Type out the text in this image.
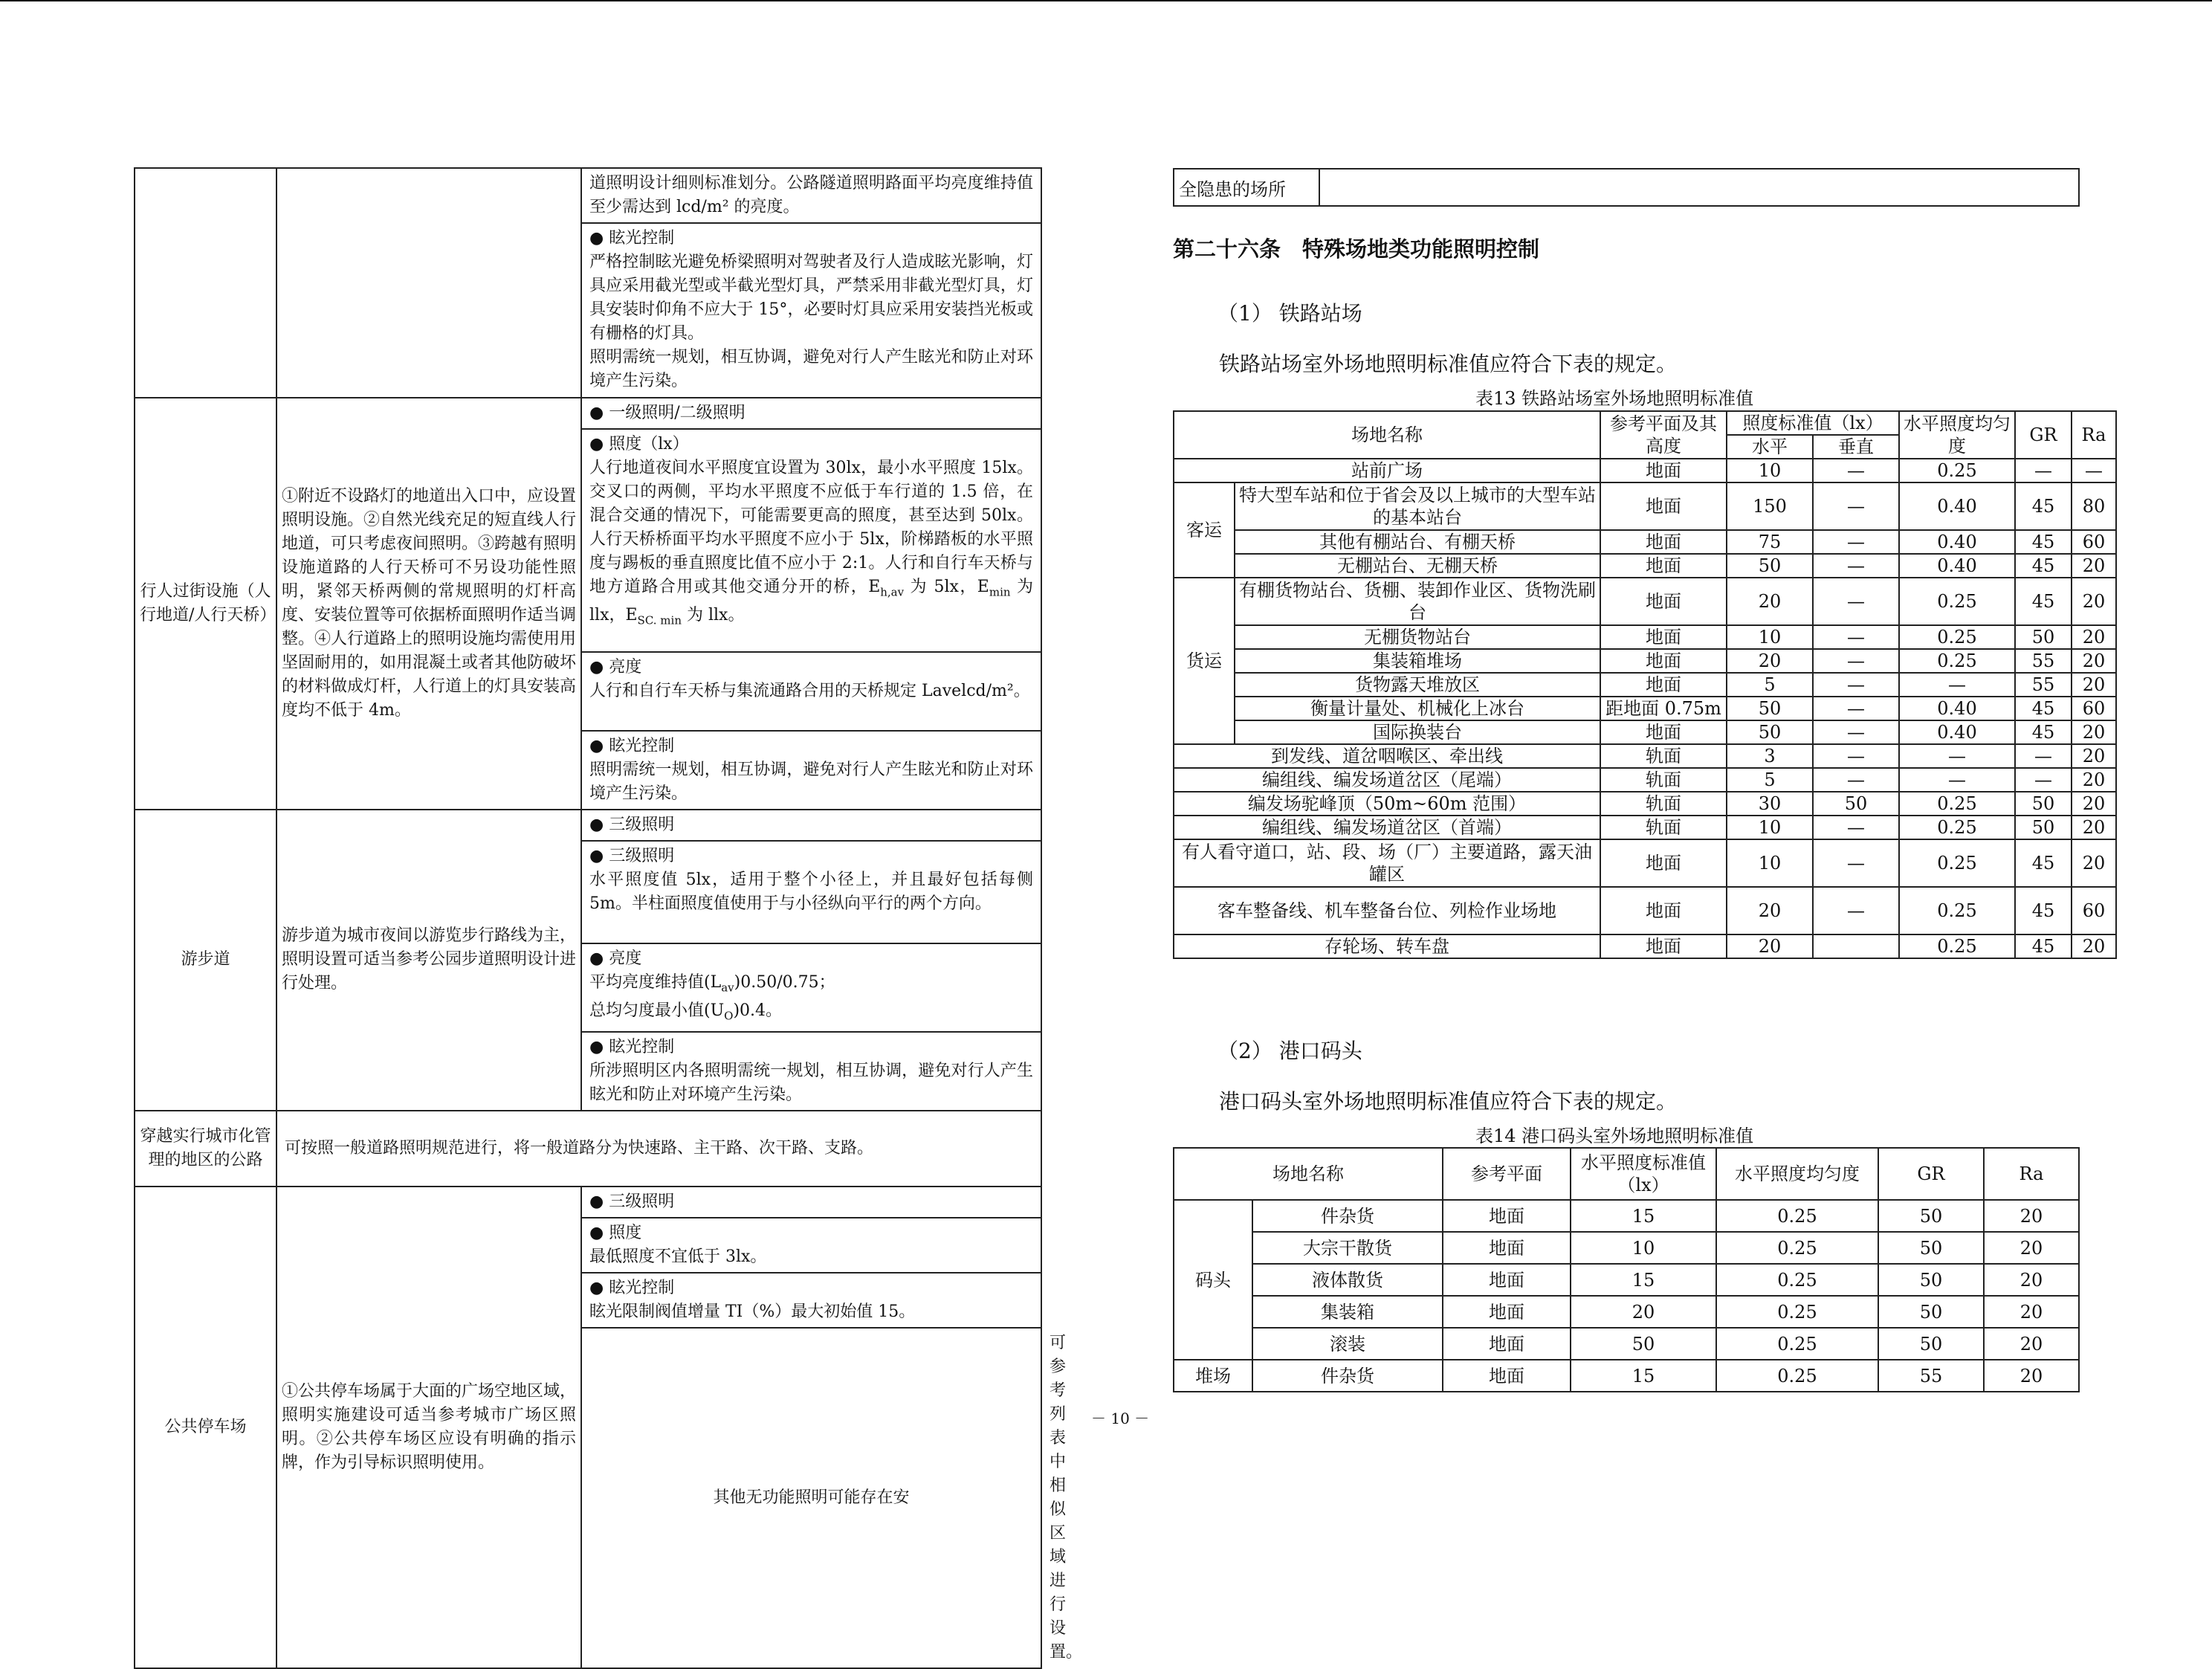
		道照明设计细则标准划分。公路隧道照明路面平均亮度维持值至少需达到 lcd/m² 的亮度。	

		● 眩光控制

严格控制眩光避免桥梁照明对驾驶者及行人造成眩光影响，灯具应采用截光型或半截光型灯具，严禁采用非截光型灯具，灯具安装时仰角不应大于 15°，必要时灯具应采用安装挡光板或有栅格的灯具。

照明需统一规划，相互协调，避免对行人产生眩光和防止对环境产生污染。

行人过街设施（人行地道/人行天桥）	①附近不设路灯的地道出入口中，应设置照明设施。②自然光线充足的短直线人行地道，可只考虑夜间照明。③跨越有照明设施道路的人行天桥可不另设功能性照明，紧邻天桥两侧的常规照明的灯杆高度、安装位置等可依据桥面照明作适当调整。④人行道路上的照明设施均需使用用坚固耐用的，如用混凝土或者其他防破坏的材料做成灯杆，人行道上的灯具安装高度均不低于 4m。	● 一级照明/二级照明

		● 照度（lx）

人行地道夜间水平照度宜设置为 30lx，最小水平照度 15lx。交叉口的两侧，平均水平照度不应低于车行道的 1.5 倍，在混合交通的情况下，可能需要更高的照度，甚至达到 50lx。人行天桥桥面平均水平照度不应小于 5lx，阶梯踏板的水平照度与踢板的垂直照度比值不应小于 2:1。人行和自行车天桥与地方道路合用或其他交通分开的桥，$E_{h,av}$ 为 5lx，$E_{min}$ 为 llx，$E_{SC. min}$ 为 llx。

		● 亮度

人行和自行车天桥与集流通路合用的天桥规定 Lavelcd/m²。

		● 眩光控制

照明需统一规划，相互协调，避免对行人产生眩光和防止对环境产生污染。

游步道	游步道为城市夜间以游览步行路线为主，照明设置可适当参考公园步道照明设计进行处理。	● 三级照明

		● 三级照明

水平照度值 5lx，适用于整个小径上，并且最好包括每侧 5m。半柱面照度值使用于与小径纵向平行的两个方向。

		● 亮度

平均亮度维持值$(L_{av})0.50/0.75$；

总均匀度最小值$(U_O)0.4$。

		● 眩光控制

所涉照明区内各照明需统一规划，相互协调，避免对行人产生眩光和防止对环境产生污染。

穿越实行城市化管理的地区的公路	可按照一般道路照明规范进行，将一般道路分为快速路、主干路、次干路、支路。		
公共停车场	①公共停车场属于大面的广场空地区域，照明实施建设可适当参考城市广场区照明。②公共停车场区应设有明确的指示牌，作为引导标识照明使用。	● 三级照明

		● 照度

最低照度不宜低于 3lx。

		● 眩光控制

眩光限制阀值增量 TI（%）最大初始值 15。

		其他无功能照明可能存在安	可参考列表中相似区域进行设置。
全隐患的场所	
第二十六条　特殊场地类功能照明控制
（1） 铁路站场
铁路站场室外场地照明标准值应符合下表的规定。
表13 铁路站场室外场地照明标准值
场地名称		参考平面及其高度	照度标准值（lx）		水平照度均匀度	GR	Ra
			水平	垂直			
站前广场		地面	10	—	0.25	—	—
客运	特大型车站和位于省会及以上城市的大型车站的基本站台	地面	150	—	0.40	45	80
	其他有棚站台、有棚天桥	地面	75	—	0.40	45	60
	无棚站台、无棚天桥	地面	50	—	0.40	45	20
货运	有棚货物站台、货棚、装卸作业区、货物洗刷台	地面	20	—	0.25	45	20
	无棚货物站台	地面	10	—	0.25	50	20
	集装箱堆场	地面	20	—	0.25	55	20
	货物露天堆放区	地面	5	—	—	55	20
	衡量计量处、机械化上冰台	距地面 0.75m	50	—	0.40	45	60
	国际换装台	地面	50	—	0.40	45	20
到发线、道岔咽喉区、牵出线		轨面	3	—	—	—	20
编组线、编发场道岔区（尾端）		轨面	5	—	—	—	20
编发场驼峰顶（50m~60m 范围）		轨面	30	50	0.25	50	20
编组线、编发场道岔区（首端）		轨面	10	—	0.25	50	20
有人看守道口，站、段、场（厂）主要道路，露天油罐区		地面	10	—	0.25	45	20
客车整备线、机车整备台位、列检作业场地		地面	20	—	0.25	45	60
存轮场、转车盘		地面	20		0.25	45	20
（2） 港口码头
港口码头室外场地照明标准值应符合下表的规定。
表14 港口码头室外场地照明标准值
场地名称		参考平面	水平照度标准值（lx）	水平照度均匀度	GR	Ra
码头	件杂货	地面	15	0.25	50	20
	大宗干散货	地面	10	0.25	50	20
	液体散货	地面	15	0.25	50	20
	集装箱	地面	20	0.25	50	20
	滚装	地面	50	0.25	50	20
堆场	件杂货	地面	15	0.25	55	20
－ 10 －
